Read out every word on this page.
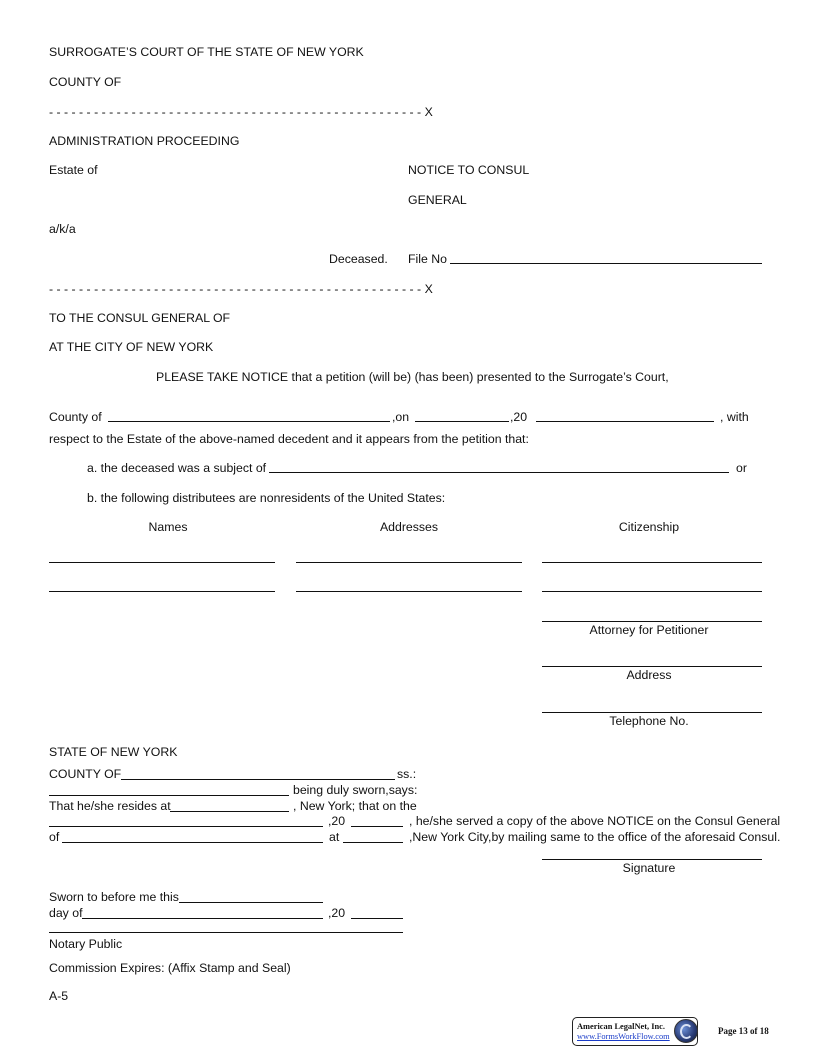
SURROGATE’S COURT OF THE STATE OF NEW YORK
COUNTY OF
- - - - - - - - - - - - - - - - - - - - - - - - - - - - - - - - - - - - - - - - - - - - - - - - - - X
ADMINISTRATION PROCEEDING
Estate of	NOTICE TO CONSUL
GENERAL
a/k/a
Deceased. File No
- - - - - - - - - - - - - - - - - - - - - - - - - - - - - - - - - - - - - - - - - - - - - - - - - - X
TO THE CONSUL GENERAL OF
AT THE CITY OF NEW YORK
PLEASE TAKE NOTICE that a petition (will be) (has been) presented to the Surrogate’s Court,
County of	,on	,20	, with
respect to the Estate of the above-named decedent and it appears from the petition that:
a. the deceased was a subject of	or
b. the following distributees are nonresidents of the United States:
Names	Addresses	Citizenship
Attorney for Petitioner
Address
Telephone No.
STATE OF NEW YORK
COUNTY OF	ss.:
being duly sworn,says:
That he/she resides at	, New York; that on the
,20	, he/she served a copy of the above NOTICE on the Consul General
of	at	,New York City,by mailing same to the office of the aforesaid Consul.
Signature
Sworn to before me this
day of	,20
Notary Public
Commission Expires: (Affix Stamp and Seal)
A-5
American LegalNet, Inc.
www.FormsWorkFlow.com
Page 13 of 18
